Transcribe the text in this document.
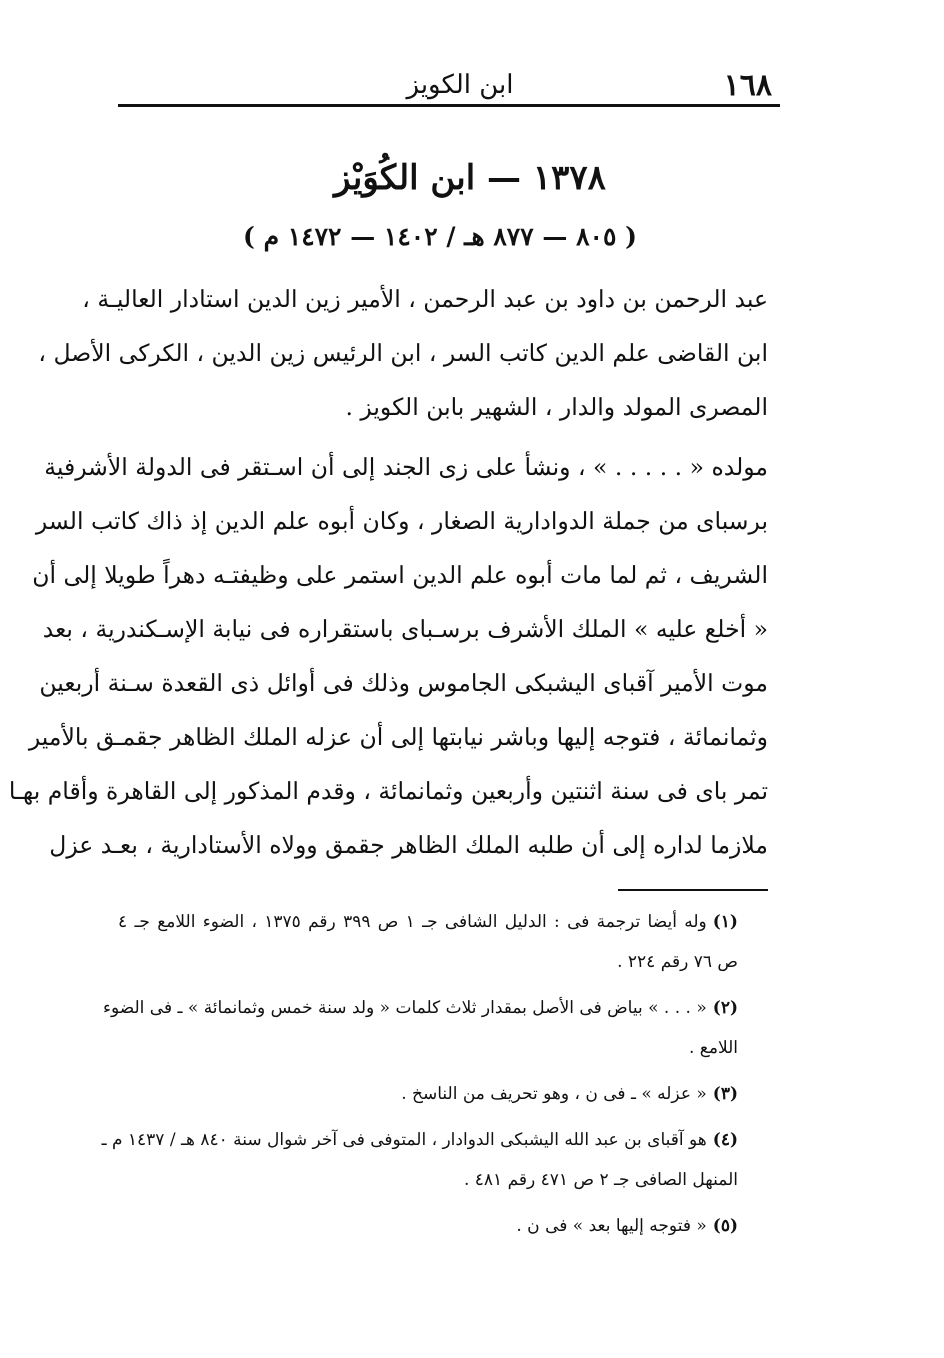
١٦٨
ابن الكويز
١٣٧٨ — ابن الكُوَيْز
( ٨٠٥ — ٨٧٧ هـ / ١٤٠٢ — ١٤٧٢ م )
عبد الرحمن بن داود بن عبد الرحمن ، الأمير زين الدين استادار العاليـة ،
ابن القاضى علم الدين كاتب السر ، ابن الرئيس زين الدين ، الكركى الأصل ،
المصرى المولد والدار ، الشهير بابن الكويز .
مولده « . . . . . » ، ونشأ على زى الجند إلى أن اسـتقر فى الدولة الأشرفية
برسباى من جملة الدوادارية الصغار ، وكان أبوه علم الدين إذ ذاك كاتب السر
الشريف ، ثم لما مات أبوه علم الدين استمر على وظيفتـه دهراً طويلا إلى أن
« أخلع عليه » الملك الأشرف برسـباى باستقراره فى نيابة الإسـكندرية ، بعد
موت الأمير آقباى اليشبكى الجاموس وذلك فى أوائل ذى القعدة سـنة أربعين
وثمانمائة ، فتوجه إليها وباشر نيابتها إلى أن عزله الملك الظاهر جقمـق بالأمير
تمر باى فى سنة اثنتين وأربعين وثمانمائة ، وقدم المذكور إلى القاهرة وأقام بهـا
ملازما لداره إلى أن طلبه الملك الظاهر جقمق وولاه الأستادارية ، بعـد عزل
(١)وله أيضا ترجمة فى : الدليل الشافى جـ ١ ص ٣٩٩ رقم ١٣٧٥ ، الضوء اللامع جـ ٤
ص ٧٦ رقم ٢٢٤ .
(٢)« . . . » بياض فى الأصل بمقدار ثلاث كلمات « ولد سنة خمس وثمانمائة » ـ فى الضوء
اللامع .
(٣)« عزله » ـ فى ن ، وهو تحريف من الناسخ .
(٤)هو آقباى بن عبد الله اليشبكى الدوادار ، المتوفى فى آخر شوال سنة ٨٤٠ هـ / ١٤٣٧ م ـ
المنهل الصافى جـ ٢ ص ٤٧١ رقم ٤٨١ .
(٥)« فتوجه إليها بعد » فى ن .
